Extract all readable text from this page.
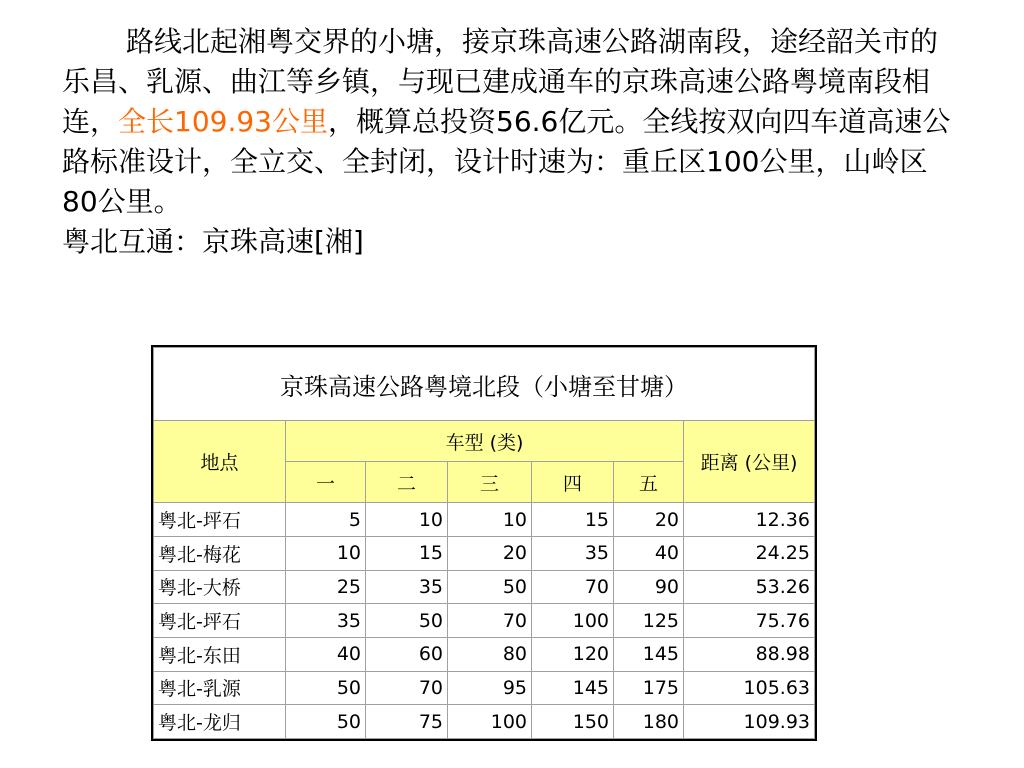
路线北起湘粤交界的小塘，接京珠高速公路湖南段，途经韶关市的乐昌、乳源、曲江等乡镇，与现已建成通车的京珠高速公路粤境南段相连，全长109.93公里，概算总投资56.6亿元。全线按双向四车道高速公路标准设计，全立交、全封闭，设计时速为：重丘区100公里，山岭区80公里。
粤北互通：京珠高速[湘]

京珠高速公路粤境北段（小塘至甘塘）						
地点	车型 (类)					距离 (公里)
	一	二	三	四	五	
粤北-坪石	5	10	10	15	20	12.36
粤北-梅花	10	15	20	35	40	24.25
粤北-大桥	25	35	50	70	90	53.26
粤北-坪石	35	50	70	100	125	75.76
粤北-东田	40	60	80	120	145	88.98
粤北-乳源	50	70	95	145	175	105.63
粤北-龙归	50	75	100	150	180	109.93
